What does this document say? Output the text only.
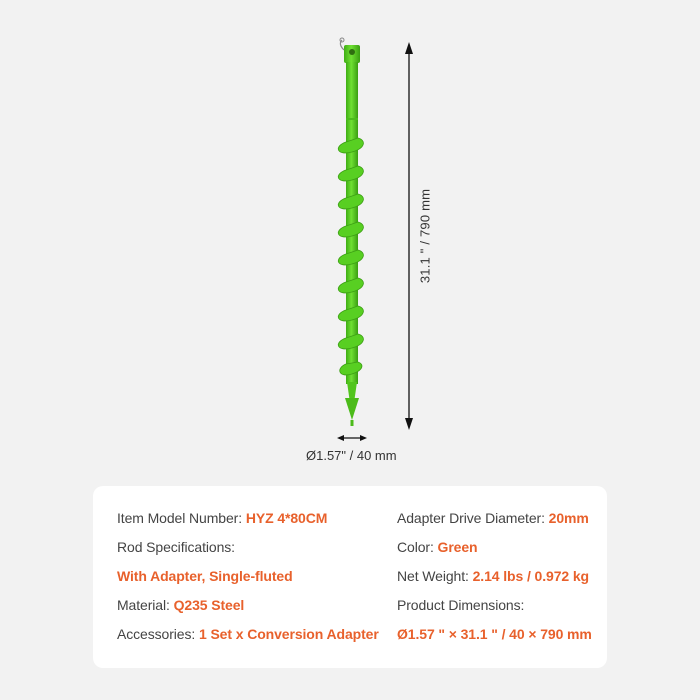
31.1 " / 790 mm
Ø1.57" / 40 mm
Item Model Number: HYZ 4*80CM
Rod Specifications:
With Adapter, Single-fluted
Material: Q235 Steel
Accessories: 1 Set x Conversion Adapter
Adapter Drive Diameter: 20mm
Color: Green
Net Weight: 2.14 lbs / 0.972 kg
Product Dimensions:
Ø1.57 " × 31.1 " / 40 × 790 mm
